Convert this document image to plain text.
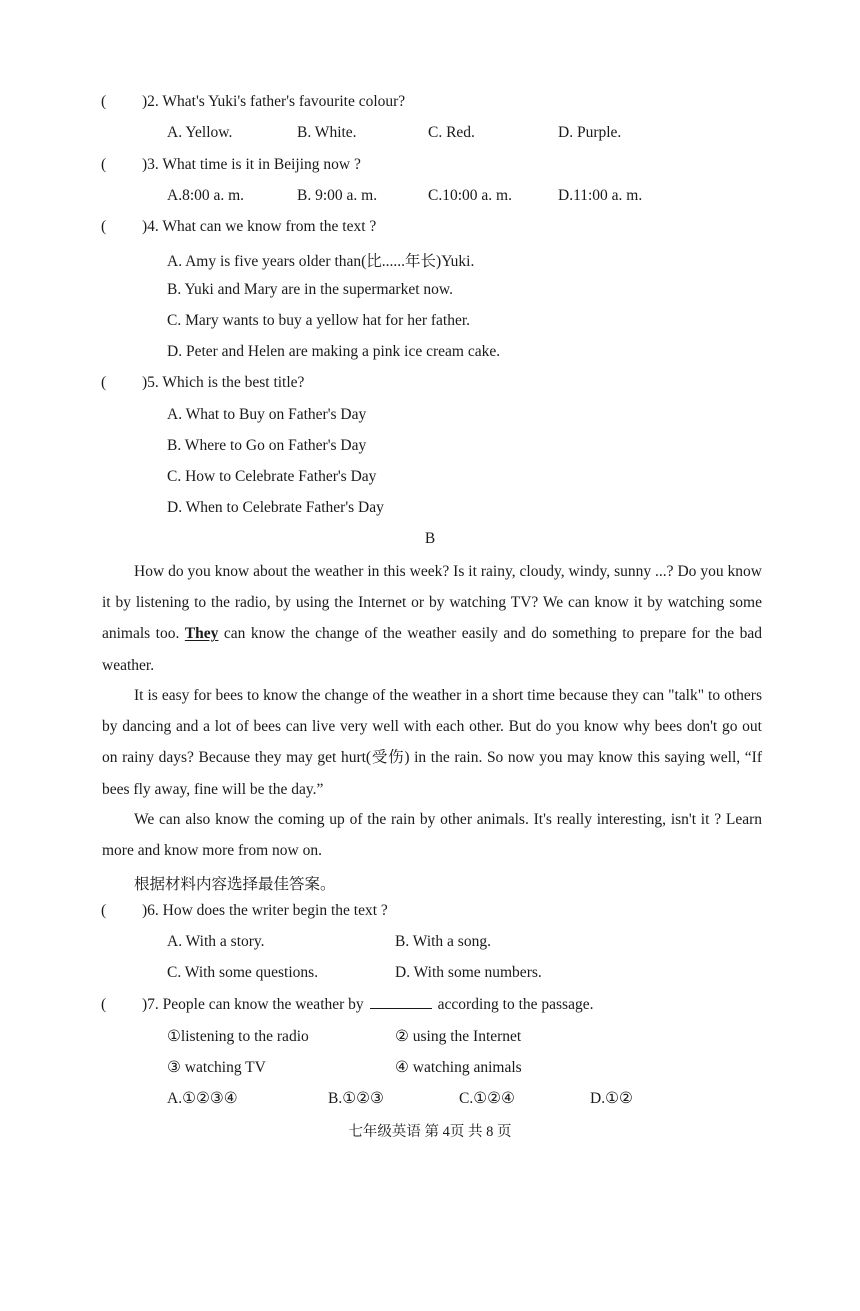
( )2. What's Yuki's father's favourite colour?
A. Yellow.	B. White.	C. Red.	D. Purple.
( )3. What time is it in Beijing now ?
A.8:00 a. m.	B. 9:00 a. m.	C.10:00 a. m.	D.11:00 a. m.
( )4. What can we know from the text ?
A. Amy is five years older than(比......年长)Yuki.
B. Yuki and Mary are in the supermarket now.
C. Mary wants to buy a yellow hat for her father.
D. Peter and Helen are making a pink ice cream cake.
( )5. Which is the best title?
A. What to Buy on Father's Day
B. Where to Go on Father's Day
C. How to Celebrate Father's Day
D. When to Celebrate Father's Day
B
How do you know about the weather in this week? Is it rainy, cloudy, windy, sunny ...? Do you know it by listening to the radio, by using the Internet or by watching TV? We can know it by watching some animals too. They can know the change of the weather easily and do something to prepare for the bad weather.
It is easy for bees to know the change of the weather in a short time because they can "talk" to others by dancing and a lot of bees can live very well with each other. But do you know why bees don't go out on rainy days? Because they may get hurt(受伤) in the rain. So now you may know this saying well, “If bees fly away, fine will be the day.”
We can also know the coming up of the rain by other animals. It's really interesting, isn't it ? Learn more and know more from now on.
根据材料内容选择最佳答案。
( )6. How does the writer begin the text ?
A. With a story.	B. With a song.
C. With some questions.	D. With some numbers.
( )7. People can know the weather by	according to the passage.
①listening to the radio	② using the Internet
③ watching TV	④ watching animals
A.①②③④	B.①②③	C.①②④	D.①②
七年级英语 第 4页 共 8 页
